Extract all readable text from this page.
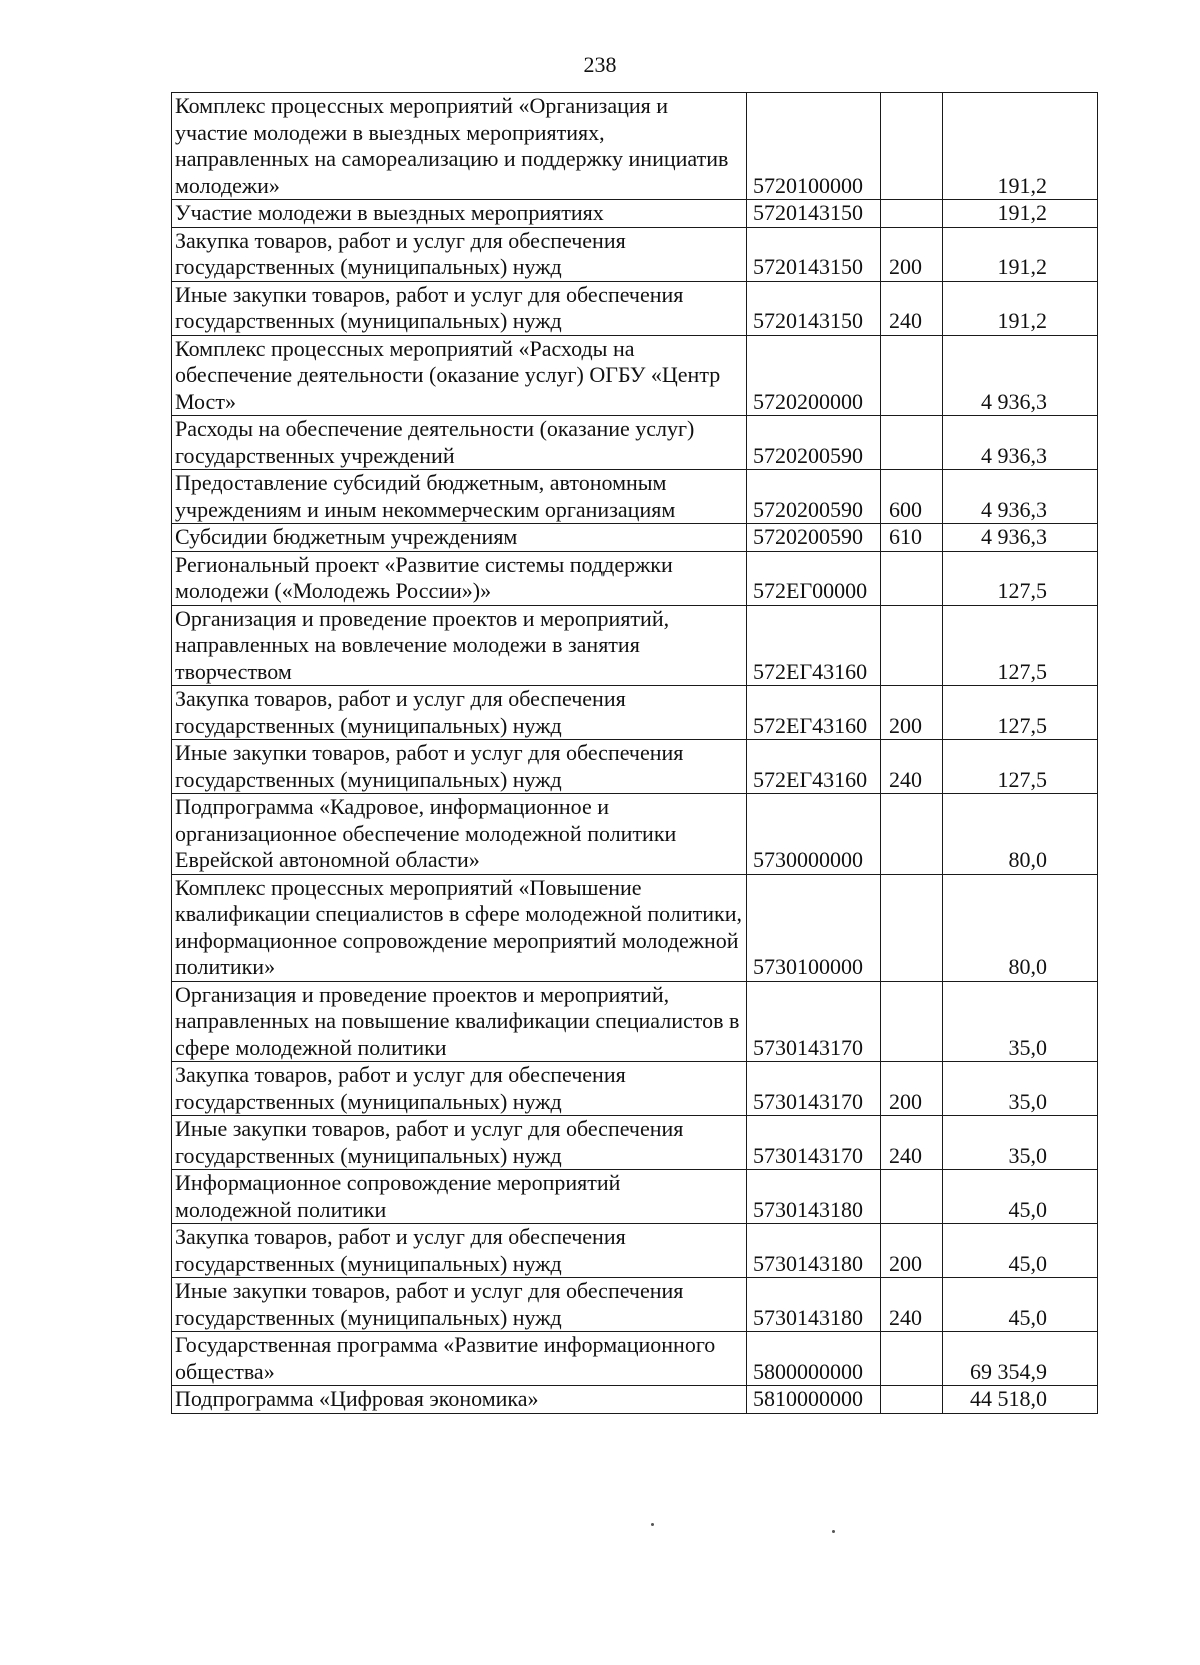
238
Комплекс процессных мероприятий «Организация и участие молодежи в выездных мероприятиях, направленных на самореализацию и поддержку инициатив молодежи»	5720100000		191,2
Участие молодежи в выездных мероприятиях	5720143150		191,2
Закупка товаров, работ и услуг для обеспечения государственных (муниципальных) нужд	5720143150	200	191,2
Иные закупки товаров, работ и услуг для обеспечения государственных (муниципальных) нужд	5720143150	240	191,2
Комплекс процессных мероприятий «Расходы на обеспечение деятельности (оказание услуг) ОГБУ «Центр Мост»	5720200000		4 936,3
Расходы на обеспечение деятельности (оказание услуг) государственных учреждений	5720200590		4 936,3
Предоставление субсидий бюджетным, автономным учреждениям и иным некоммерческим организациям	5720200590	600	4 936,3
Субсидии бюджетным учреждениям	5720200590	610	4 936,3
Региональный проект «Развитие системы поддержки молодежи («Молодежь России»)»	572ЕГ00000		127,5
Организация и проведение проектов и мероприятий, направленных на вовлечение молодежи в занятия творчеством	572ЕГ43160		127,5
Закупка товаров, работ и услуг для обеспечения государственных (муниципальных) нужд	572ЕГ43160	200	127,5
Иные закупки товаров, работ и услуг для обеспечения государственных (муниципальных) нужд	572ЕГ43160	240	127,5
Подпрограмма «Кадровое, информационное и организационное обеспечение молодежной политики Еврейской автономной области»	5730000000		80,0
Комплекс процессных мероприятий «Повышение квалификации специалистов в сфере молодежной политики, информационное сопровождение мероприятий молодежной политики»	5730100000		80,0
Организация и проведение проектов и мероприятий, направленных на повышение квалификации специалистов в сфере молодежной политики	5730143170		35,0
Закупка товаров, работ и услуг для обеспечения государственных (муниципальных) нужд	5730143170	200	35,0
Иные закупки товаров, работ и услуг для обеспечения государственных (муниципальных) нужд	5730143170	240	35,0
Информационное сопровождение мероприятий молодежной политики	5730143180		45,0
Закупка товаров, работ и услуг для обеспечения государственных (муниципальных) нужд	5730143180	200	45,0
Иные закупки товаров, работ и услуг для обеспечения государственных (муниципальных) нужд	5730143180	240	45,0
Государственная программа «Развитие информационного общества»	5800000000		69 354,9
Подпрограмма «Цифровая экономика»	5810000000		44 518,0
